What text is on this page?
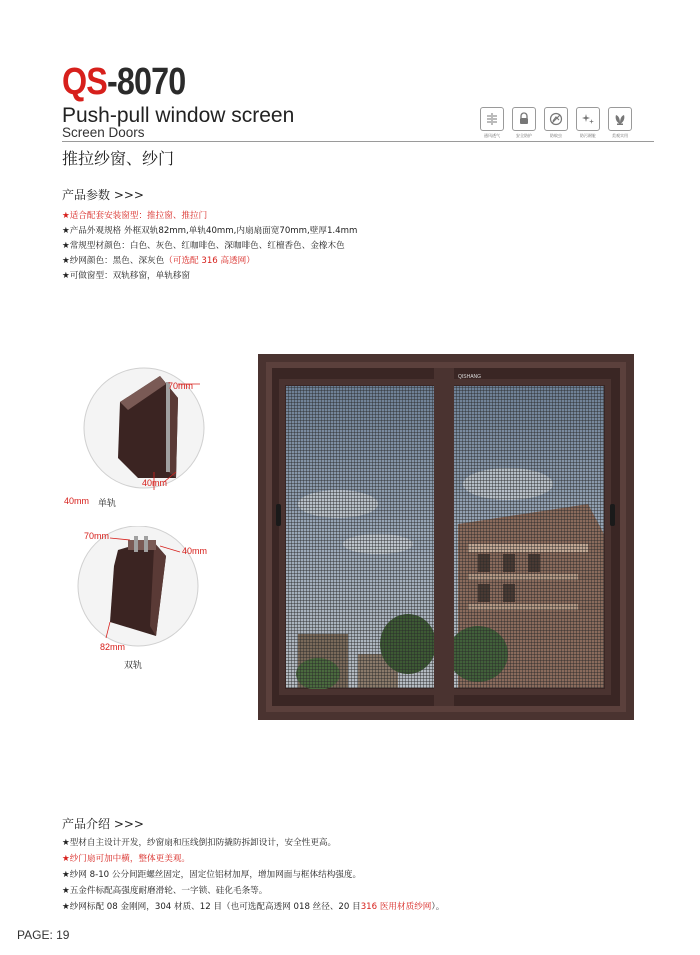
QS-8070
Push-pull window screen
Screen Doors
推拉纱窗、纱门
通风透气	安全防护	防蚊虫	防污耐脏	美观实用
产品参数 >>>
★适合配套安装窗型：推拉窗、推拉门
★产品外观规格 外框双轨82mm,单轨40mm,内扇扇面宽70mm,壁厚1.4mm
★常规型材颜色：白色、灰色、红咖啡色、深咖啡色、红檀香色、金橡木色
★纱网颜色：黑色、深灰色（可选配 316 高透网）
★可做窗型：双轨移窗，单轨移窗
70mm
40mm
40mm 单轨
70mm
40mm
82mm
双轨
QISHANG
产品介绍 >>>
★型材自主设计开发，纱窗扇和压线倒扣防撬防拆卸设计，安全性更高。
★纱门扇可加中横，整体更美观。
★纱网 8-10 公分间距螺丝固定，固定位铝材加厚，增加网面与框体结构强度。
★五金件标配高强度耐磨滑轮、一字锁、硅化毛条等。
★纱网标配 08 金刚网，304 材质、12 目（也可选配高透网 018 丝径、20 目316 医用材质纱网）。
PAGE: 19
